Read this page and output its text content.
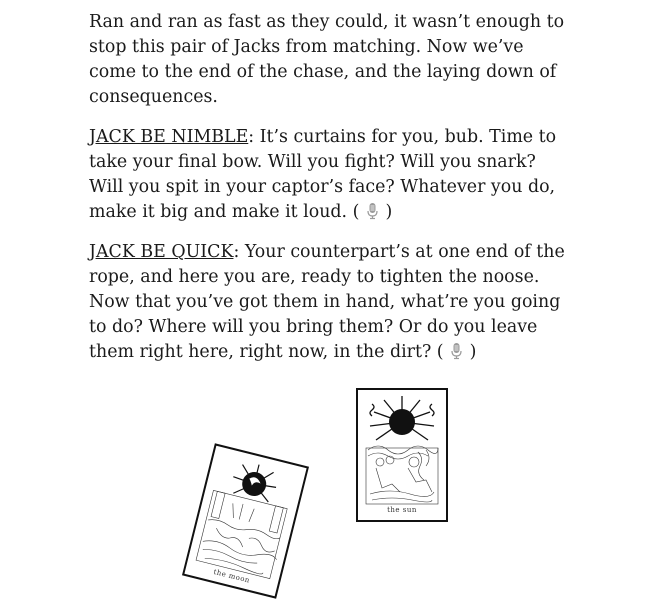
Ran and ran as fast as they could, it wasn’t enough to stop this pair of Jacks from matching. Now we’ve come to the end of the chase, and the laying down of consequences.

JACK BE NIMBLE: It’s curtains for you, bub. Time to take your final bow. Will you fight? Will you snark? Will you spit in your captor’s face? Whatever you do, make it big and make it loud. ( )

JACK BE QUICK: Your counterpart’s at one end of the rope, and here you are, ready to tighten the noose. Now that you’ve got them in hand, what’re you going to do? Where will you bring them? Or do you leave them right here, right now, in the dirt? ( )

the sun
the moon
